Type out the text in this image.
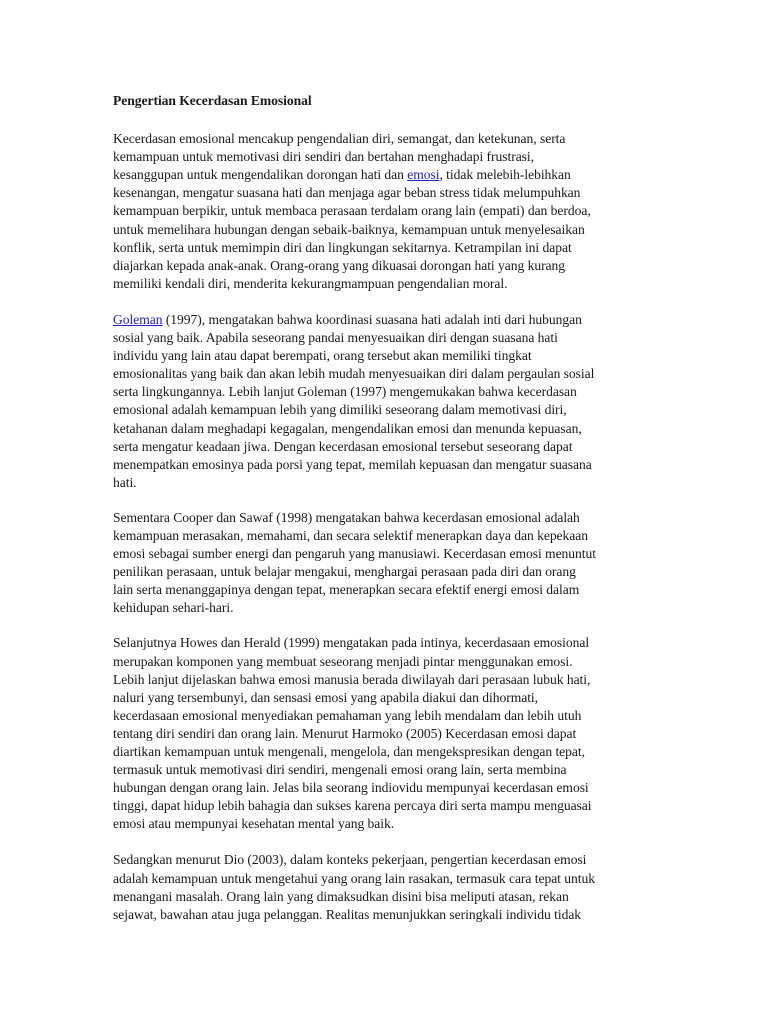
Pengertian Kecerdasan Emosional
Kecerdasan emosional mencakup pengendalian diri, semangat, dan ketekunan, serta
kemampuan untuk memotivasi diri sendiri dan bertahan menghadapi frustrasi,
kesanggupan untuk mengendalikan dorongan hati dan emosi, tidak melebih-lebihkan
kesenangan, mengatur suasana hati dan menjaga agar beban stress tidak melumpuhkan
kemampuan berpikir, untuk membaca perasaan terdalam orang lain (empati) dan berdoa,
untuk memelihara hubungan dengan sebaik-baiknya, kemampuan untuk menyelesaikan
konflik, serta untuk memimpin diri dan lingkungan sekitarnya. Ketrampilan ini dapat
diajarkan kepada anak-anak. Orang-orang yang dikuasai dorongan hati yang kurang
memiliki kendali diri, menderita kekurangmampuan pengendalian moral.
Goleman (1997), mengatakan bahwa koordinasi suasana hati adalah inti dari hubungan
sosial yang baik. Apabila seseorang pandai menyesuaikan diri dengan suasana hati
individu yang lain atau dapat berempati, orang tersebut akan memiliki tingkat
emosionalitas yang baik dan akan lebih mudah menyesuaikan diri dalam pergaulan sosial
serta lingkungannya. Lebih lanjut Goleman (1997) mengemukakan bahwa kecerdasan
emosional adalah kemampuan lebih yang dimiliki seseorang dalam memotivasi diri,
ketahanan dalam meghadapi kegagalan, mengendalikan emosi dan menunda kepuasan,
serta mengatur keadaan jiwa. Dengan kecerdasan emosional tersebut seseorang dapat
menempatkan emosinya pada porsi yang tepat, memilah kepuasan dan mengatur suasana
hati.
Sementara Cooper dan Sawaf (1998) mengatakan bahwa kecerdasan emosional adalah
kemampuan merasakan, memahami, dan secara selektif menerapkan daya dan kepekaan
emosi sebagai sumber energi dan pengaruh yang manusiawi. Kecerdasan emosi menuntut
penilikan perasaan, untuk belajar mengakui, menghargai perasaan pada diri dan orang
lain serta menanggapinya dengan tepat, menerapkan secara efektif energi emosi dalam
kehidupan sehari-hari.
Selanjutnya Howes dan Herald (1999) mengatakan pada intinya, kecerdasaan emosional
merupakan komponen yang membuat seseorang menjadi pintar menggunakan emosi.
Lebih lanjut dijelaskan bahwa emosi manusia berada diwilayah dari perasaan lubuk hati,
naluri yang tersembunyi, dan sensasi emosi yang apabila diakui dan dihormati,
kecerdasaan emosional menyediakan pemahaman yang lebih mendalam dan lebih utuh
tentang diri sendiri dan orang lain. Menurut Harmoko (2005) Kecerdasan emosi dapat
diartikan kemampuan untuk mengenali, mengelola, dan mengekspresikan dengan tepat,
termasuk untuk memotivasi diri sendiri, mengenali emosi orang lain, serta membina
hubungan dengan orang lain. Jelas bila seorang indiovidu mempunyai kecerdasan emosi
tinggi, dapat hidup lebih bahagia dan sukses karena percaya diri serta mampu menguasai
emosi atau mempunyai kesehatan mental yang baik.
Sedangkan menurut Dio (2003), dalam konteks pekerjaan, pengertian kecerdasan emosi
adalah kemampuan untuk mengetahui yang orang lain rasakan, termasuk cara tepat untuk
menangani masalah. Orang lain yang dimaksudkan disini bisa meliputi atasan, rekan
sejawat, bawahan atau juga pelanggan. Realitas menunjukkan seringkali individu tidak
